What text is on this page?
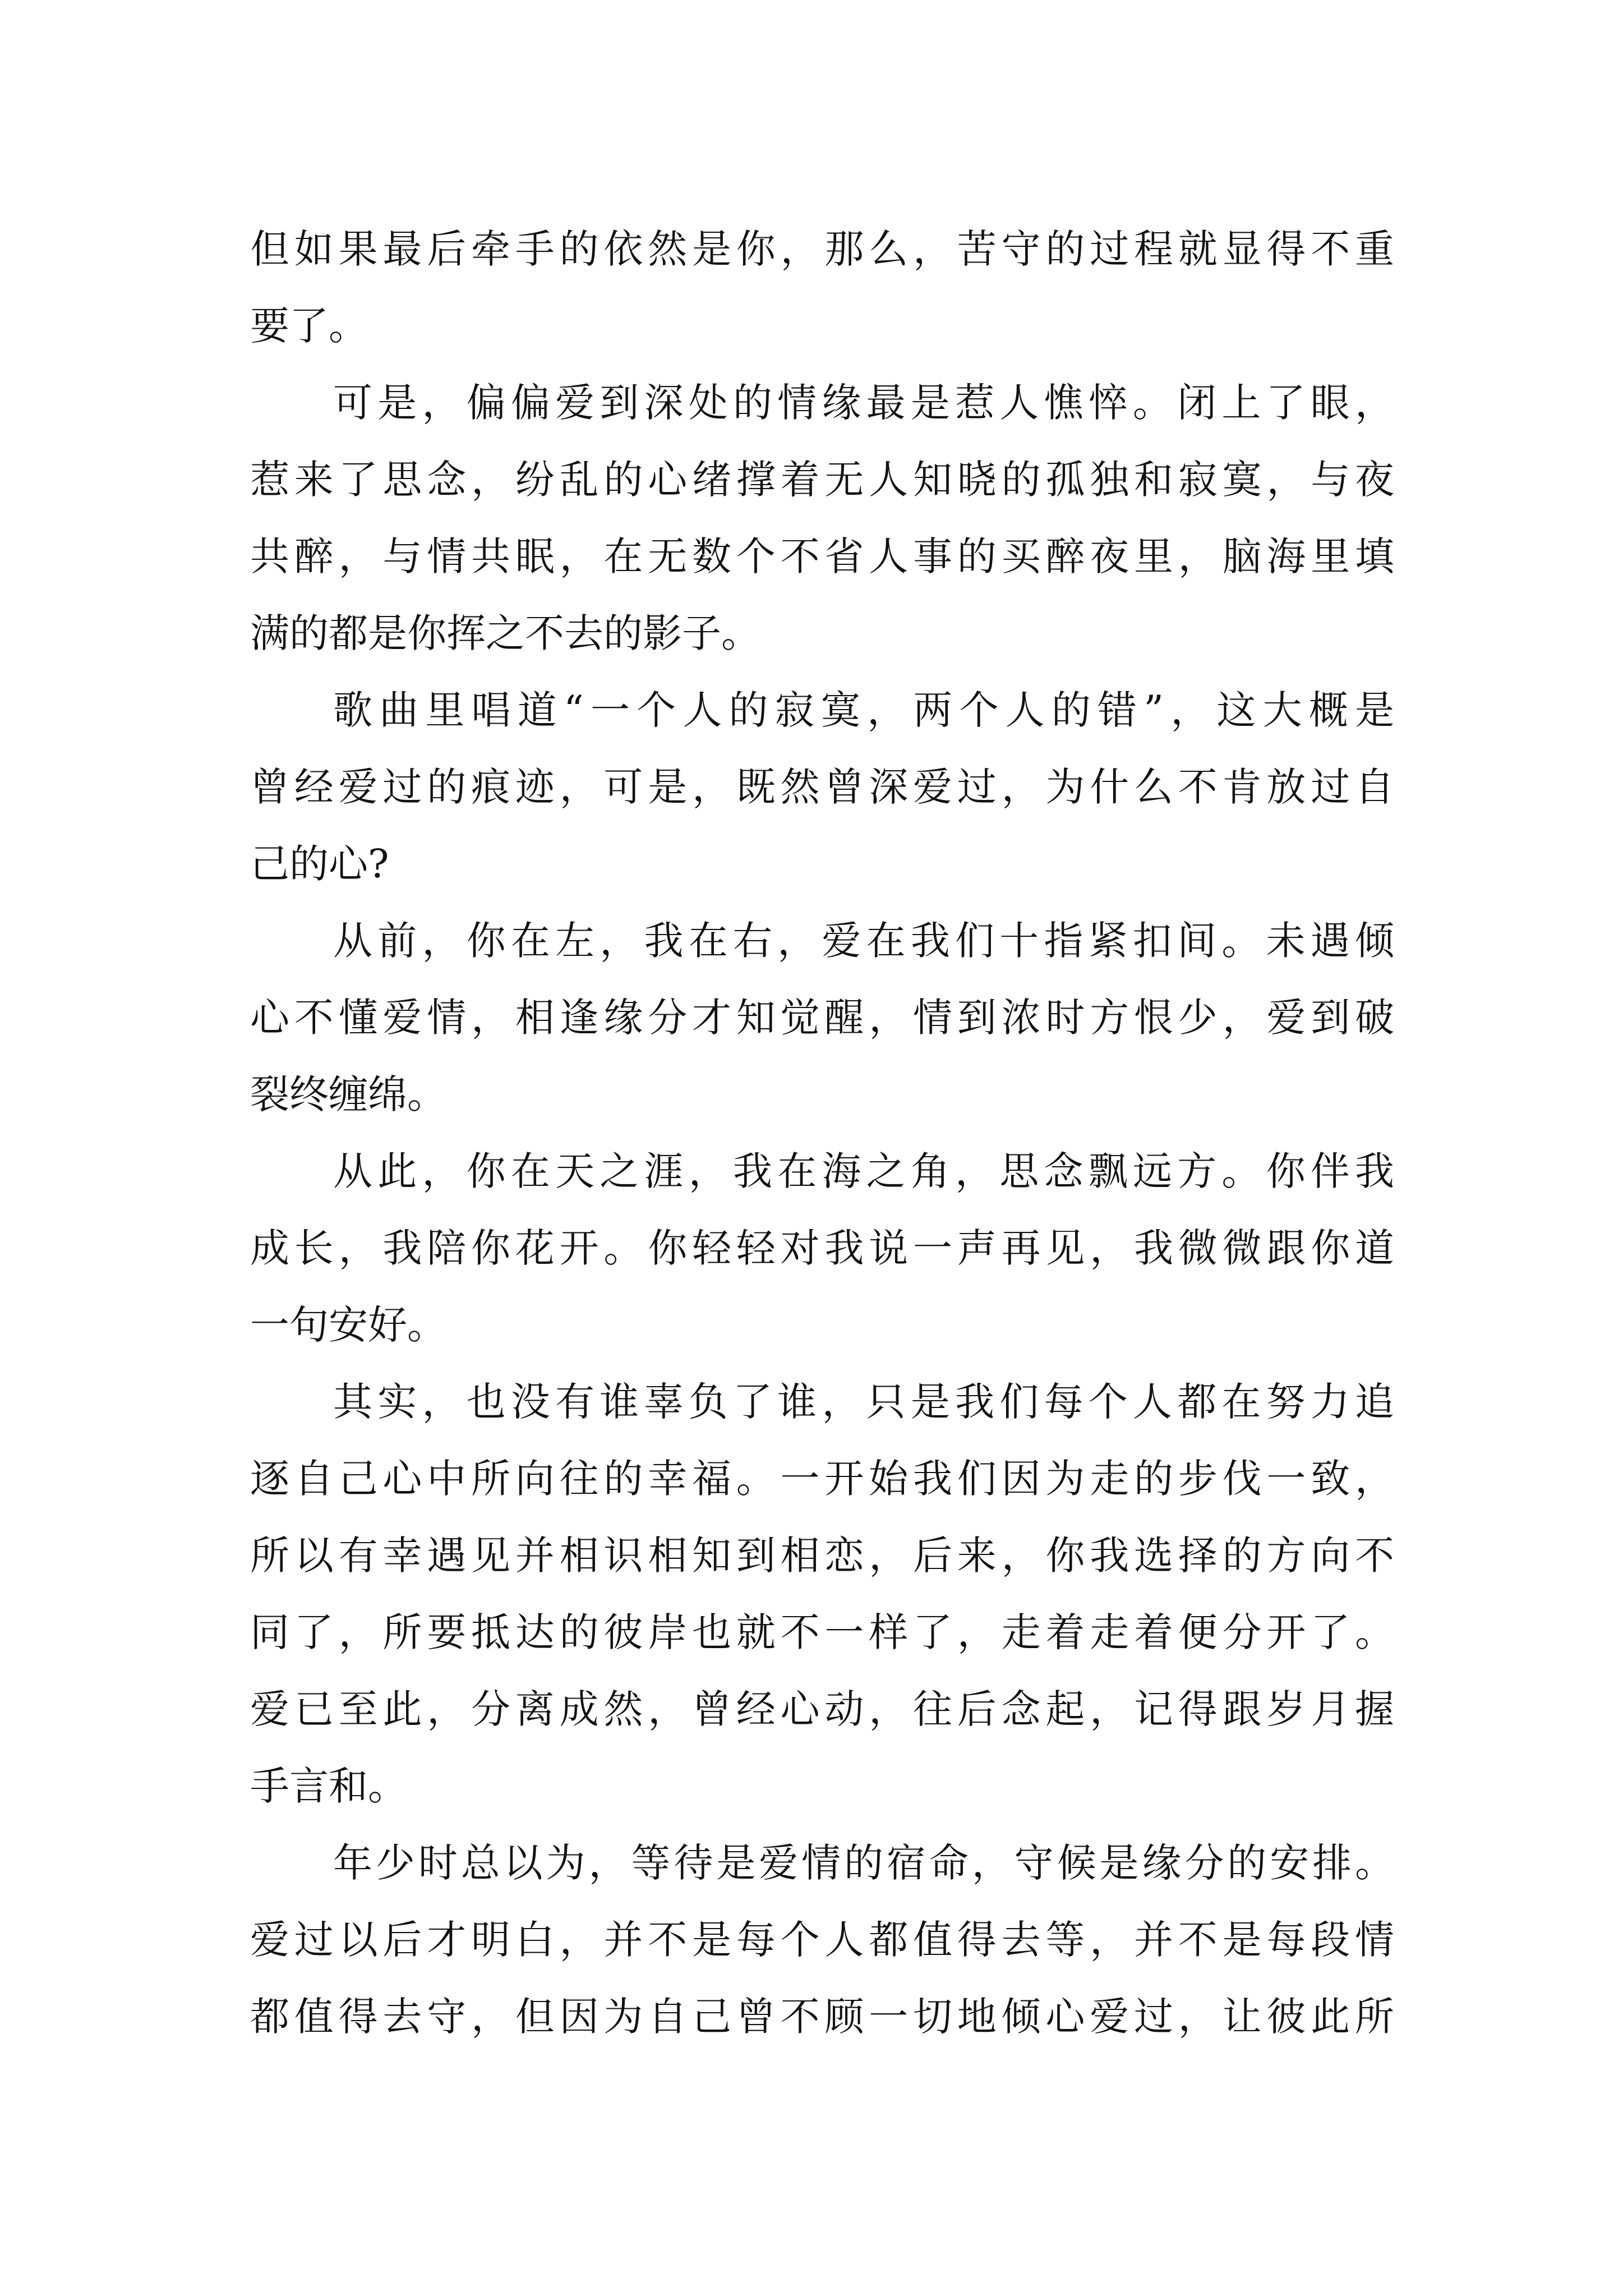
但如果最后牵手的依然是你，那么，苦守的过程就显得不重
要了。
可是，偏偏爱到深处的情缘最是惹人憔悴。闭上了眼，
惹来了思念，纷乱的心绪撑着无人知晓的孤独和寂寞，与夜
共醉，与情共眠，在无数个不省人事的买醉夜里，脑海里填
满的都是你挥之不去的影子。
歌曲里唱道“一个人的寂寞，两个人的错”，这大概是
曾经爱过的痕迹，可是，既然曾深爱过，为什么不肯放过自
己的心?
从前，你在左，我在右，爱在我们十指紧扣间。未遇倾
心不懂爱情，相逢缘分才知觉醒，情到浓时方恨少，爱到破
裂终缠绵。
从此，你在天之涯，我在海之角，思念飘远方。你伴我
成长，我陪你花开。你轻轻对我说一声再见，我微微跟你道
一句安好。
其实，也没有谁辜负了谁，只是我们每个人都在努力追
逐自己心中所向往的幸福。一开始我们因为走的步伐一致，
所以有幸遇见并相识相知到相恋，后来，你我选择的方向不
同了，所要抵达的彼岸也就不一样了，走着走着便分开了。
爱已至此，分离成然，曾经心动，往后念起，记得跟岁月握
手言和。
年少时总以为，等待是爱情的宿命，守候是缘分的安排。
爱过以后才明白，并不是每个人都值得去等，并不是每段情
都值得去守，但因为自己曾不顾一切地倾心爱过，让彼此所
